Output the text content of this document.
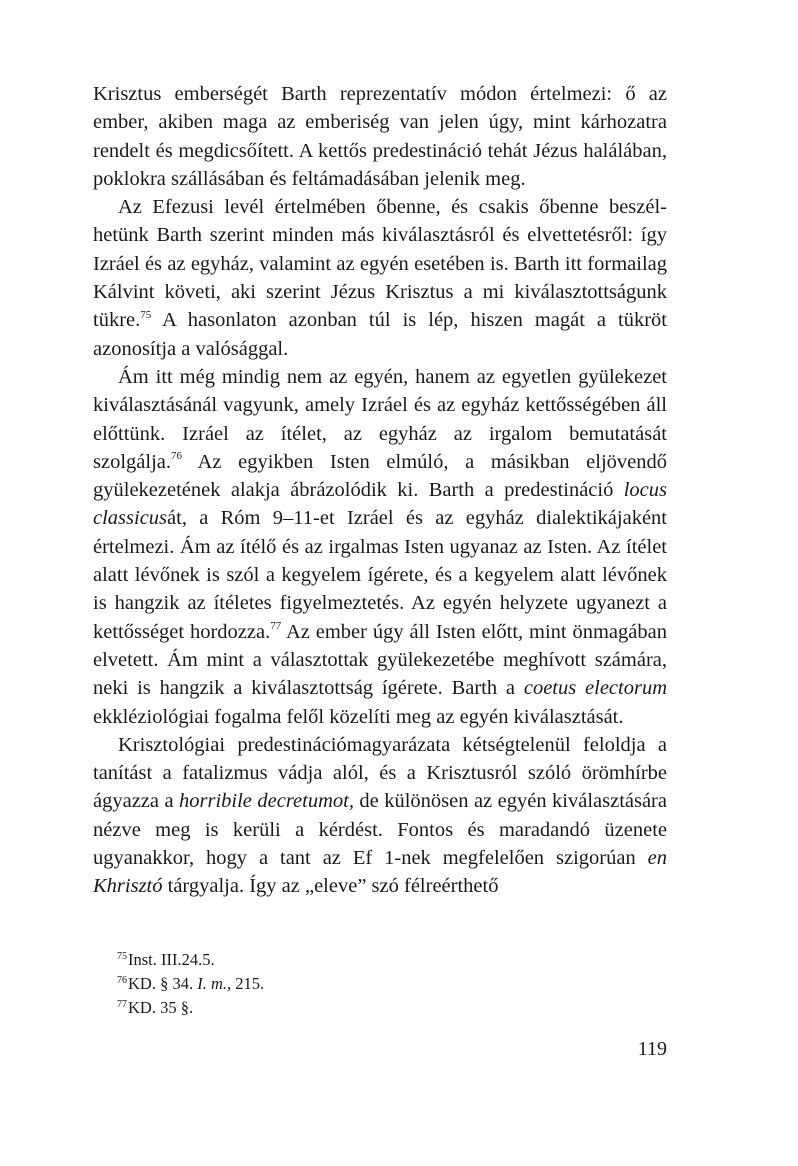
Krisztus emberségét Barth reprezentatív módon értelmezi: ő az ember, akiben maga az emberiség van jelen úgy, mint kárhozatra rendelt és megdicsőített. A kettős predestináció tehát Jézus halálában, poklokra szállásában és feltámadásában jelenik meg.

Az Efezusi levél értelmében őbenne, és csakis őbenne beszélhetünk Barth szerint minden más kiválasztásról és elvettetésről: így Izráel és az egyház, valamint az egyén esetében is. Barth itt formailag Kálvint követi, aki szerint Jézus Krisztus a mi kiválasztottságunk tükre.$^{75}$ A hasonlaton azonban túl is lép, hiszen magát a tükröt azonosítja a valósággal.

Ám itt még mindig nem az egyén, hanem az egyetlen gyülekezet kiválasztásánál vagyunk, amely Izráel és az egyház kettősségében áll előttünk. Izráel az ítélet, az egyház az irgalom bemutatását szolgálja.$^{76}$ Az egyikben Isten elmúló, a másikban eljövendő gyülekezetének alakja ábrázolódik ki. Barth a predestináció locus classicusát, a Róm 9–11-et Izráel és az egyház dialektikájaként értelmezi. Ám az ítélő és az irgalmas Isten ugyanaz az Isten. Az ítélet alatt lévőnek is szól a kegyelem ígérete, és a kegyelem alatt lévőnek is hangzik az ítéletes figyelmeztetés. Az egyén helyzete ugyanezt a kettősséget hordozza.$^{77}$ Az ember úgy áll Isten előtt, mint önmagában elvetett. Ám mint a választottak gyülekezetébe meghívott számára, neki is hangzik a kiválasztottság ígérete. Barth a coetus electorum ekkléziológiai fogalma felől közelíti meg az egyén kiválasztását.

Krisztológiai predestinációmagyarázata kétségtelenül feloldja a tanítást a fatalizmus vádja alól, és a Krisztusról szóló örömhírbe ágyazza a horribile decretumot, de különösen az egyén kiválasztására nézve meg is kerüli a kérdést. Fontos és maradandó üzenete ugyanakkor, hogy a tant az Ef 1-nek megfelelően szigorúan en Khrisztó tárgyalja. Így az „eleve” szó félreérthető

$^{75}$Inst. III.24.5.
$^{76}$KD. § 34. I. m., 215.
$^{77}$KD. 35 §.
119
